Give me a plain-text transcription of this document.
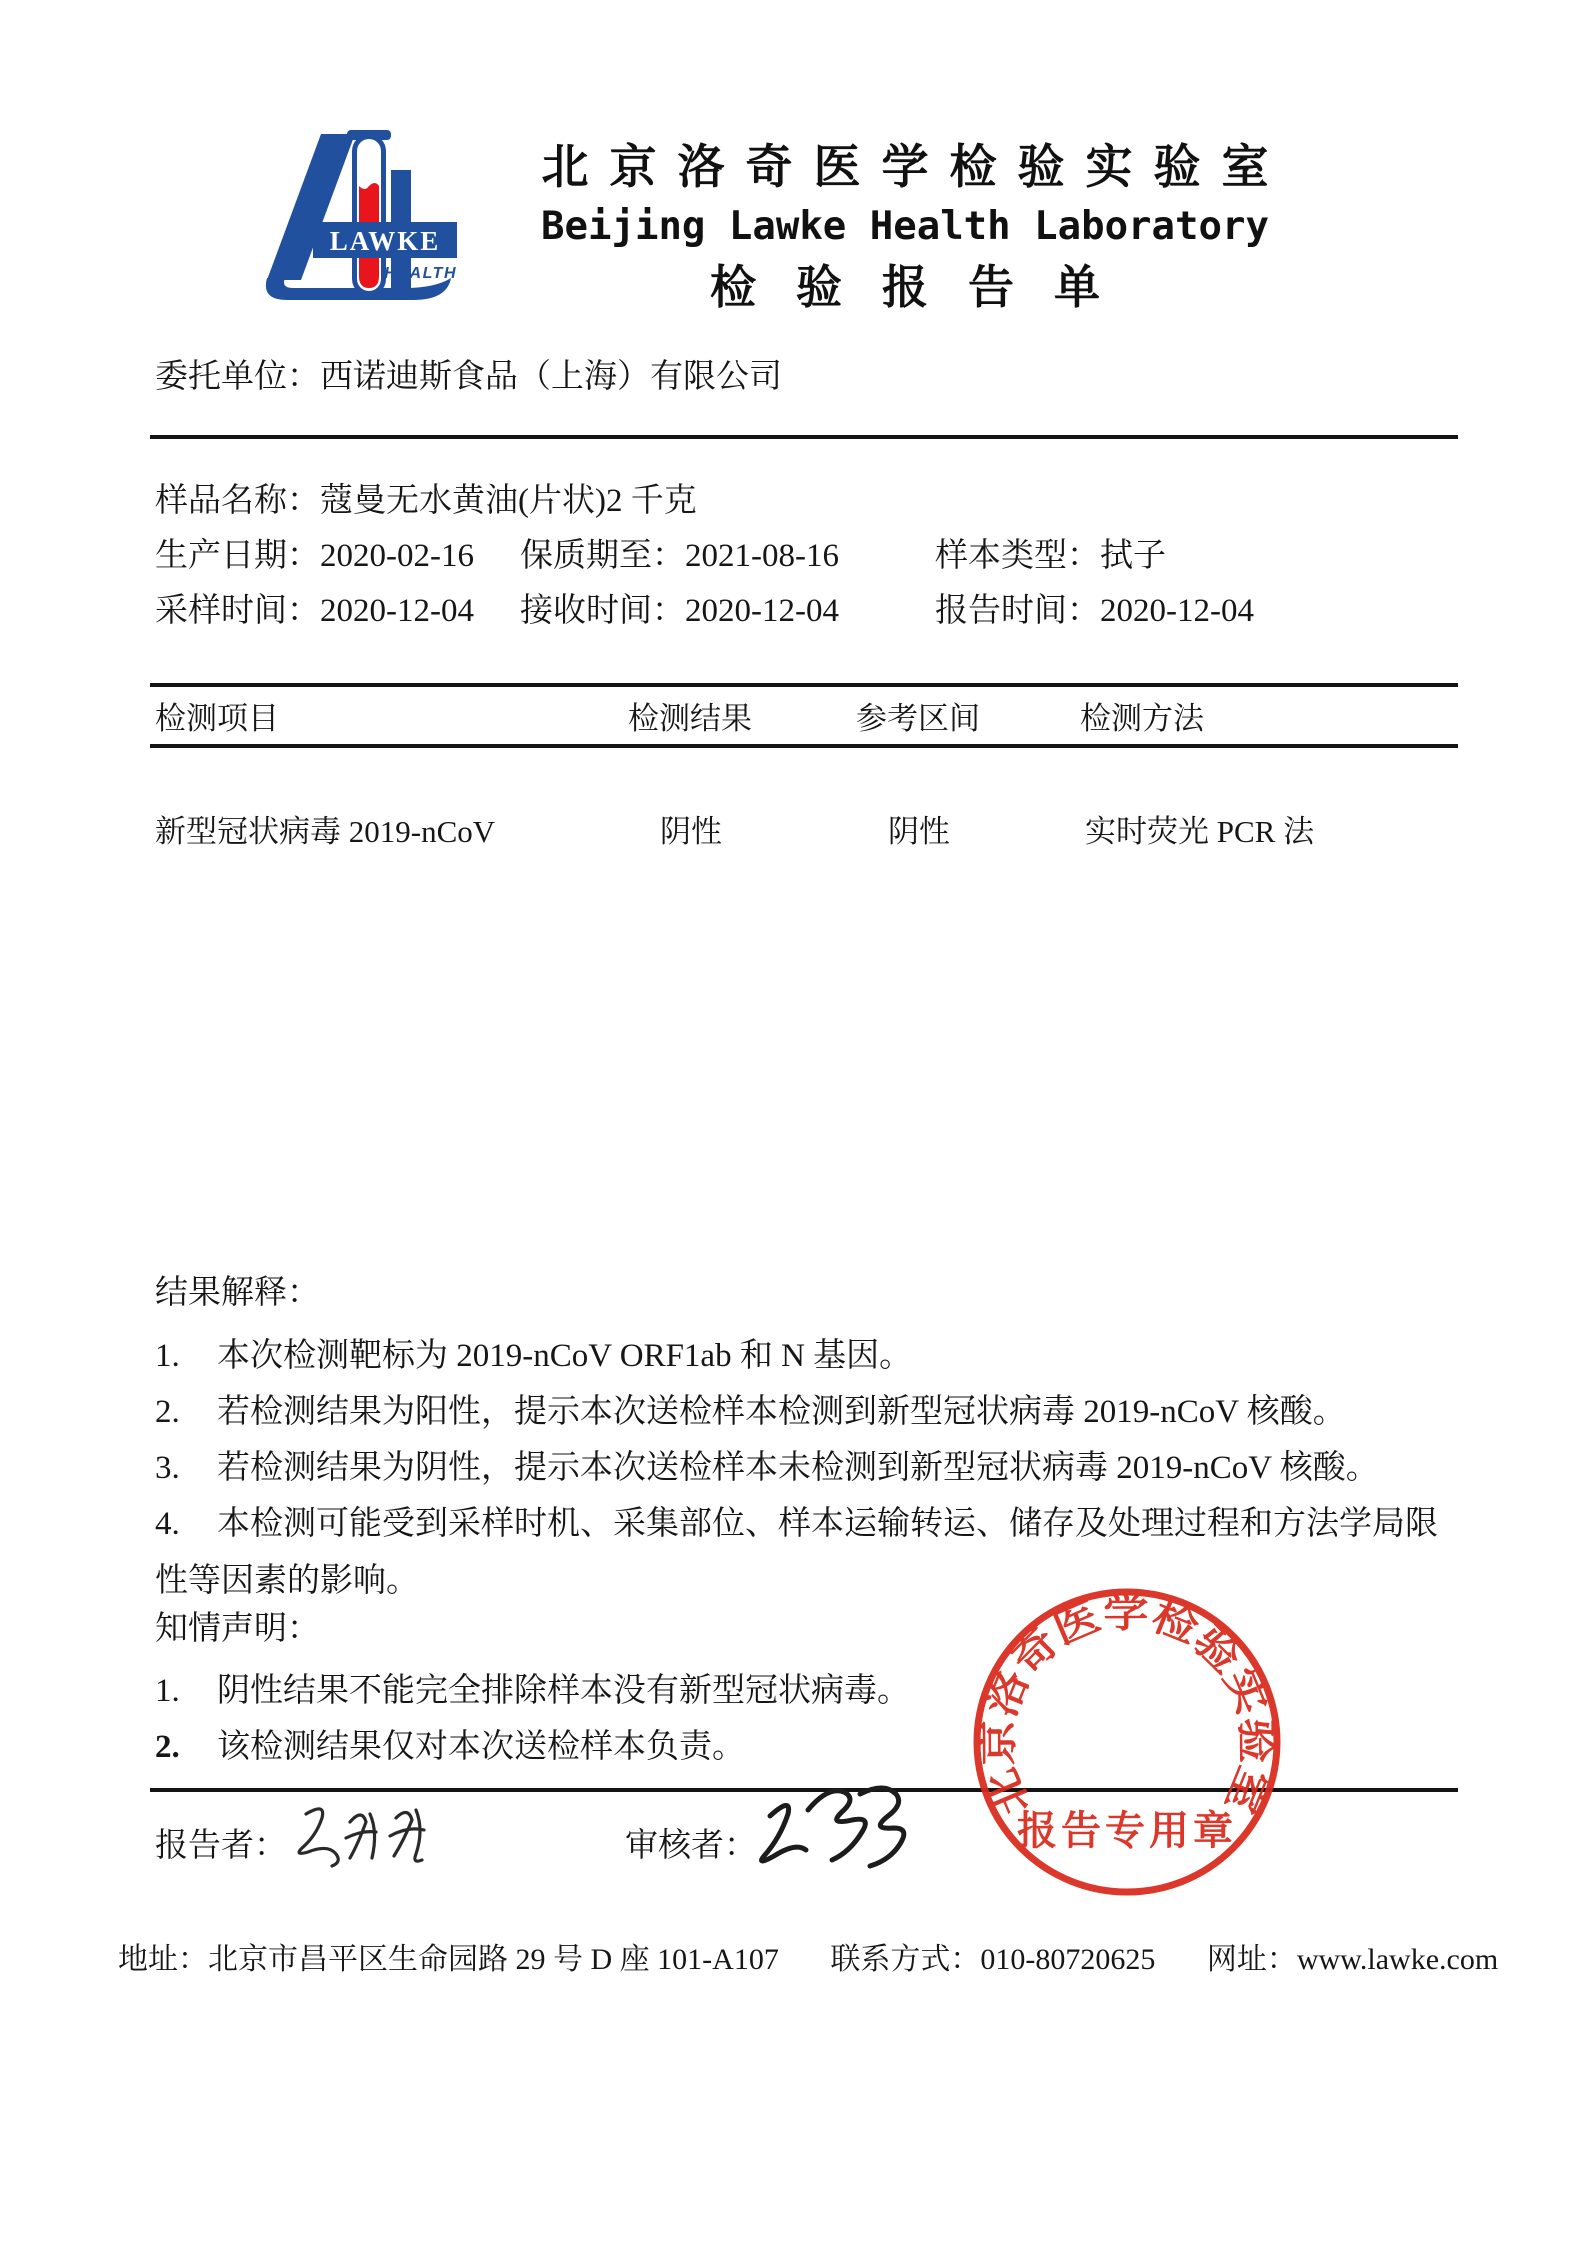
LAWKE
HEALTH
北京洛奇医学检验实验室
Beijing Lawke Health Laboratory
检验报告单
委托单位：西诺迪斯食品（上海）有限公司
样品名称：蔻曼无水黄油(片状)2 千克
生产日期：2020-02-16 保质期至：2021-08-16	样本类型：拭子
采样时间：2020-12-04 接收时间：2020-12-04	报告时间：2020-12-04
检测项目	检测结果	参考区间	检测方法
新型冠状病毒 2019-nCoV	阴性	阴性	实时荧光 PCR 法
结果解释：
1. 本次检测靶标为 2019-nCoV ORF1ab 和 N 基因。
2. 若检测结果为阳性，提示本次送检样本检测到新型冠状病毒 2019-nCoV 核酸。
3. 若检测结果为阴性，提示本次送检样本未检测到新型冠状病毒 2019-nCoV 核酸。
4. 本检测可能受到采样时机、采集部位、样本运输转运、储存及处理过程和方法学局限性等因素的影响。
知情声明：
1. 阴性结果不能完全排除样本没有新型冠状病毒。
2. 该检测结果仅对本次送检样本负责。
报告者：	审核者：
北京洛奇医学检验实验室
报告专用章
地址：北京市昌平区生命园路 29 号 D 座 101-A107 联系方式：010-80720625 网址：www.lawke.com
